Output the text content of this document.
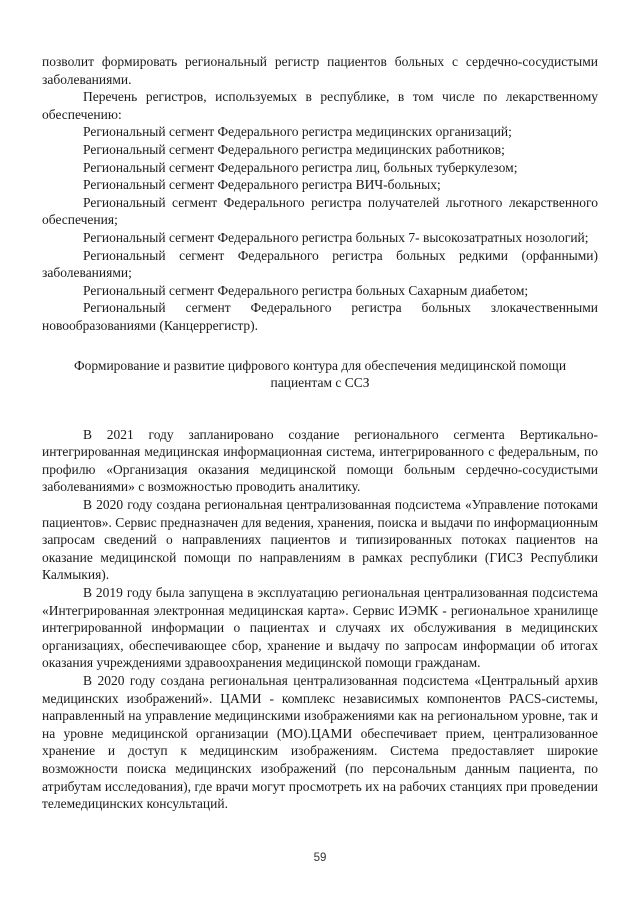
позволит формировать региональный регистр пациентов больных с сердечно-сосудистыми заболеваниями.

Перечень регистров, используемых в республике, в том числе по лекарственному обеспечению:

Региональный сегмент Федерального регистра медицинских организаций;

Региональный сегмент Федерального регистра медицинских работников;

Региональный сегмент Федерального регистра лиц, больных туберкулезом;

Региональный сегмент Федерального регистра ВИЧ-больных;

Региональный сегмент Федерального регистра получателей льготного лекарственного обеспечения;

Региональный сегмент Федерального регистра больных 7- высокозатратных нозологий;

Региональный сегмент Федерального регистра больных редкими (орфанными) заболеваниями;

Региональный сегмент Федерального регистра больных Сахарным диабетом;

Региональный сегмент Федерального регистра больных злокачественными новообразованиями (Канцеррегистр).

Формирование и развитие цифрового контура для обеспечения медицинской помощи пациентам с ССЗ

В 2021 году запланировано создание регионального сегмента Вертикально-интегрированная медицинская информационная система, интегрированного с федеральным, по профилю «Организация оказания медицинской помощи больным сердечно-сосудистыми заболеваниями» с возможностью проводить аналитику.

В 2020 году создана региональная централизованная подсистема «Управление потоками пациентов». Сервис предназначен для ведения, хранения, поиска и выдачи по информационным запросам сведений о направлениях пациентов и типизированных потоках пациентов на оказание медицинской помощи по направлениям в рамках республики (ГИСЗ Республики Калмыкия).

В 2019 году была запущена в эксплуатацию региональная централизованная подсистема «Интегрированная электронная медицинская карта». Сервис ИЭМК - региональное хранилище интегрированной информации о пациентах и случаях их обслуживания в медицинских организациях, обеспечивающее сбор, хранение и выдачу по запросам информации об итогах оказания учреждениями здравоохранения медицинской помощи гражданам.

В 2020 году создана региональная централизованная подсистема «Центральный архив медицинских изображений». ЦАМИ - комплекс независимых компонентов PACS-системы, направленный на управление медицинскими изображениями как на региональном уровне, так и на уровне медицинской организации (МО).ЦАМИ обеспечивает прием, централизованное хранение и доступ к медицинским изображениям. Система предоставляет широкие возможности поиска медицинских изображений (по персональным данным пациента, по атрибутам исследования), где врачи могут просмотреть их на рабочих станциях при проведении телемедицинских консультаций.

59
